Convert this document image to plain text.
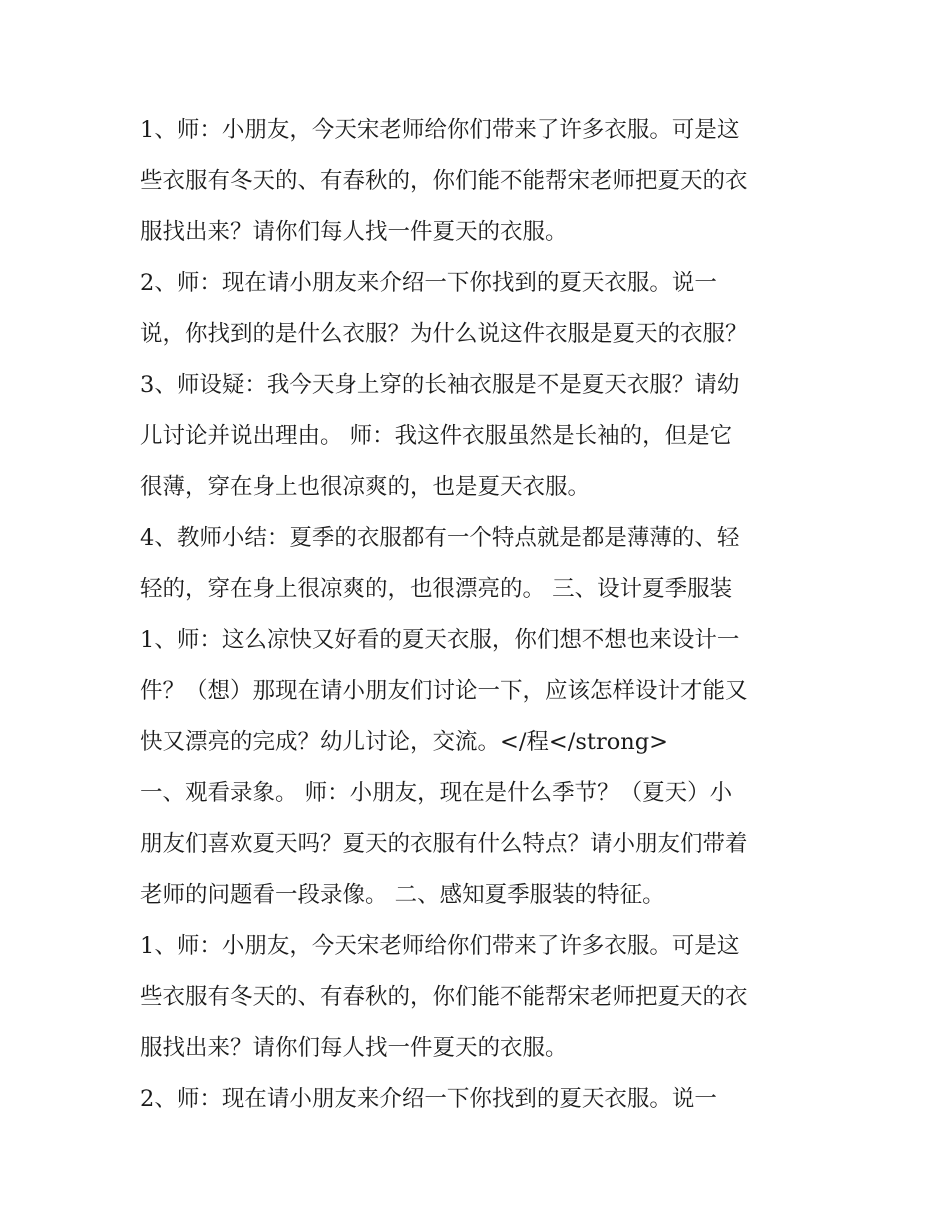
1、师：小朋友，今天宋老师给你们带来了许多衣服。可是这
些衣服有冬天的、有春秋的，你们能不能帮宋老师把夏天的衣
服找出来？请你们每人找一件夏天的衣服。
2、师：现在请小朋友来介绍一下你找到的夏天衣服。说一
说，你找到的是什么衣服？为什么说这件衣服是夏天的衣服？
3、师设疑：我今天身上穿的长袖衣服是不是夏天衣服？请幼
儿讨论并说出理由。 师：我这件衣服虽然是长袖的，但是它
很薄，穿在身上也很凉爽的，也是夏天衣服。
4、教师小结：夏季的衣服都有一个特点就是都是薄薄的、轻
轻的，穿在身上很凉爽的，也很漂亮的。 三、设计夏季服装
1、师：这么凉快又好看的夏天衣服，你们想不想也来设计一
件？（想）那现在请小朋友们讨论一下，应该怎样设计才能又
快又漂亮的完成？幼儿讨论，交流。</程</strong>
一、观看录象。 师：小朋友，现在是什么季节？（夏天）小
朋友们喜欢夏天吗？夏天的衣服有什么特点？请小朋友们带着
老师的问题看一段录像。 二、感知夏季服装的特征。
1、师：小朋友，今天宋老师给你们带来了许多衣服。可是这
些衣服有冬天的、有春秋的，你们能不能帮宋老师把夏天的衣
服找出来？请你们每人找一件夏天的衣服。
2、师：现在请小朋友来介绍一下你找到的夏天衣服。说一
